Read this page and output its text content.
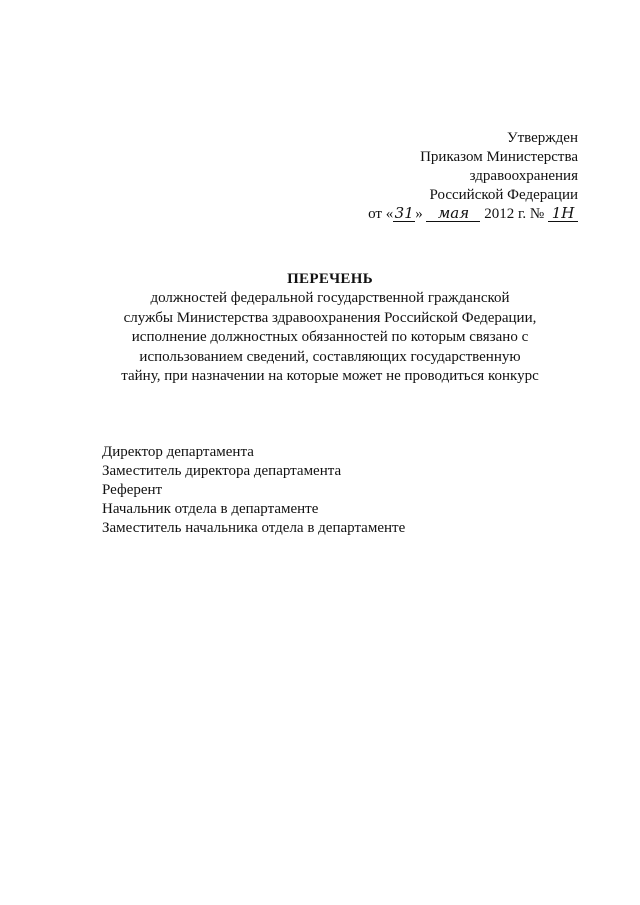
Утвержден
Приказом Министерства
здравоохранения
Российской Федерации
от «31» мая 2012 г. № 1Н
ПЕРЕЧЕНЬ
должностей федеральной государственной гражданской
службы Министерства здравоохранения Российской Федерации,
исполнение должностных обязанностей по которым связано с
использованием сведений, составляющих государственную
тайну, при назначении на которые может не проводиться конкурс
Директор департамента
Заместитель директора департамента
Референт
Начальник отдела в департаменте
Заместитель начальника отдела в департаменте
